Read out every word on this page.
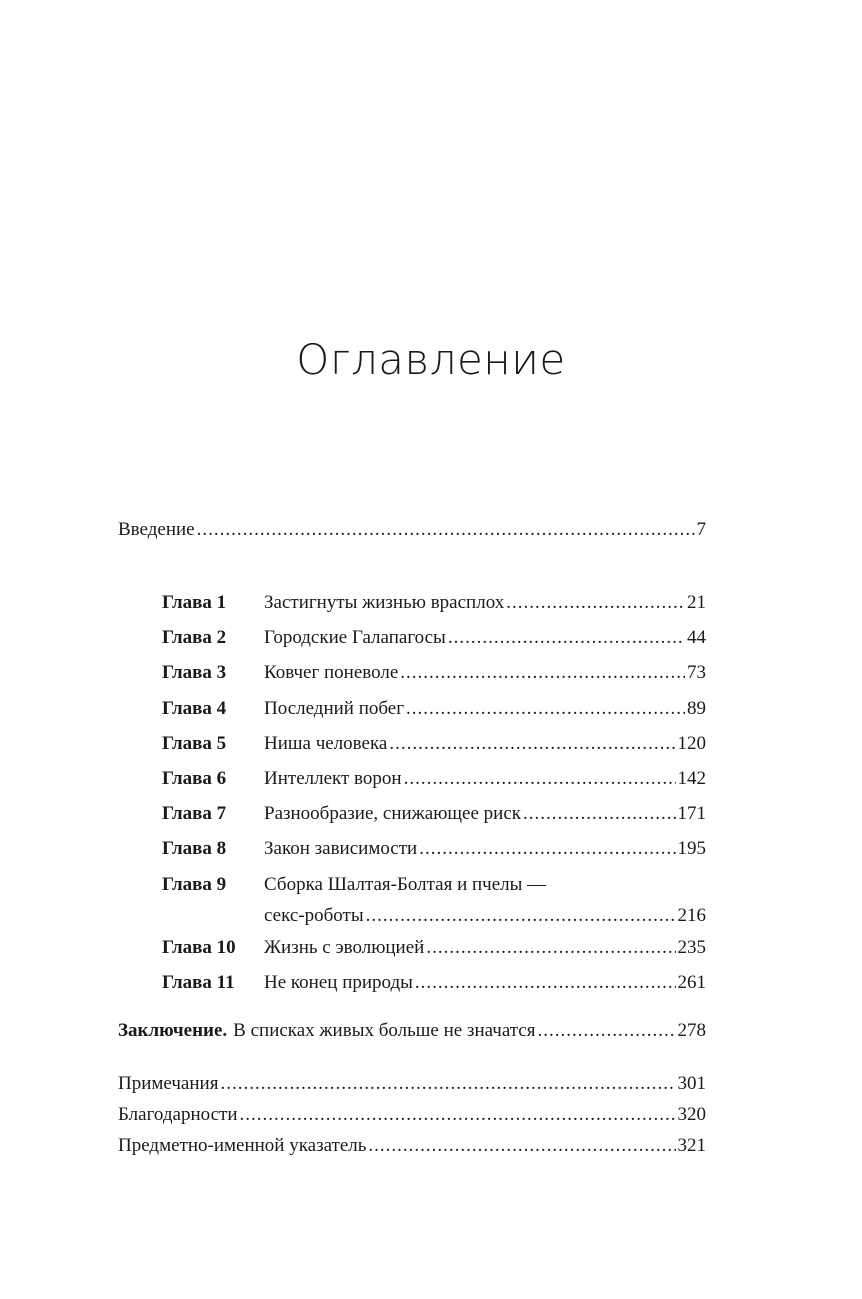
Оглавление
Введение .....	7
Глава 1	Застигнуты жизнью врасплох .....	21
Глава 2	Городские Галапагосы .....	44
Глава 3	Ковчег поневоле .....	73
Глава 4	Последний побег .....	89
Глава 5	Ниша человека .....	120
Глава 6	Интеллект ворон .....	142
Глава 7	Разнообразие, снижающее риск .....	171
Глава 8	Закон зависимости .....	195
Глава 9	Сборка Шалтая-Болтая и пчелы —
секс-роботы .....	216
Глава 10	Жизнь с эволюцией .....	235
Глава 11	Не конец природы .....	261
Заключение. В списках живых больше не значатся .....	278
Примечания .....	301
Благодарности .....	320
Предметно-именной указатель .....	321
